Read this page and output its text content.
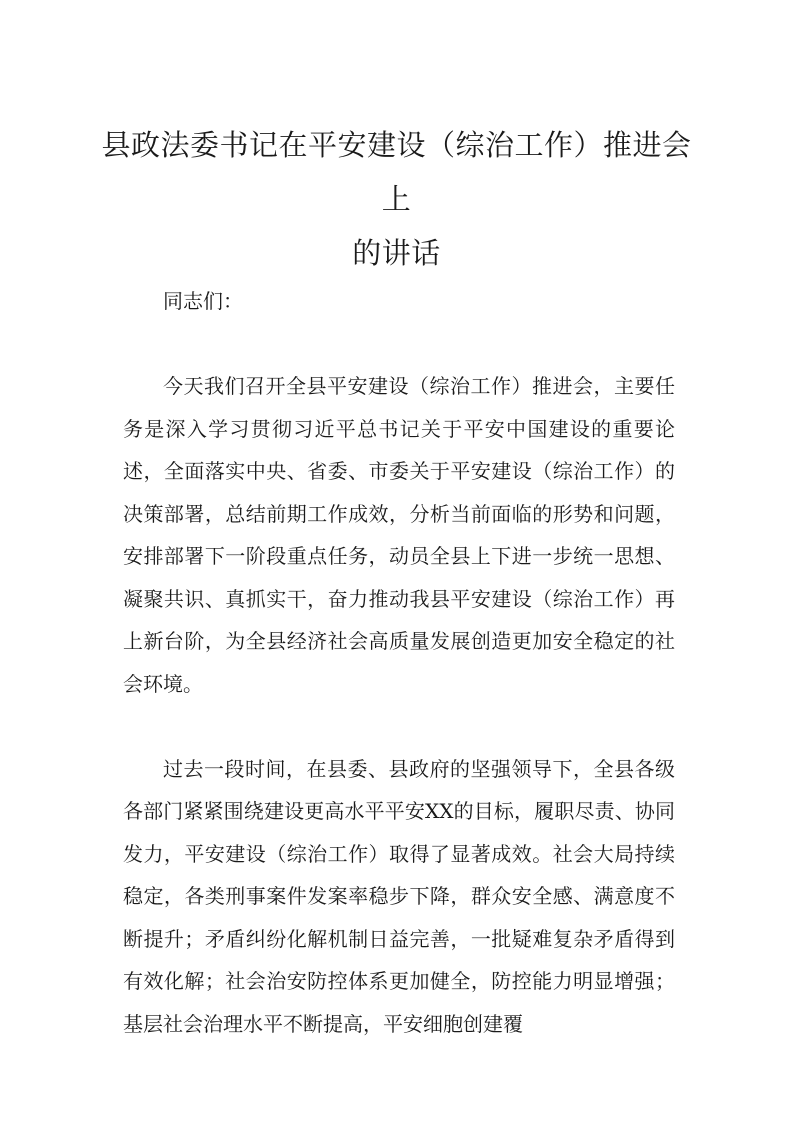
县政法委书记在平安建设（综治工作）推进会上
的讲话

同志们：

今天我们召开全县平安建设（综治工作）推进会，主要任务是深入学习贯彻习近平总书记关于平安中国建设的重要论述，全面落实中央、省委、市委关于平安建设（综治工作）的决策部署，总结前期工作成效，分析当前面临的形势和问题，安排部署下一阶段重点任务，动员全县上下进一步统一思想、凝聚共识、真抓实干，奋力推动我县平安建设（综治工作）再上新台阶，为全县经济社会高质量发展创造更加安全稳定的社会环境。

过去一段时间，在县委、县政府的坚强领导下，全县各级各部门紧紧围绕建设更高水平平安XX的目标，履职尽责、协同发力，平安建设（综治工作）取得了显著成效。社会大局持续稳定，各类刑事案件发案率稳步下降，群众安全感、满意度不断提升；矛盾纠纷化解机制日益完善，一批疑难复杂矛盾得到有效化解；社会治安防控体系更加健全，防控能力明显增强；基层社会治理水平不断提高，平安细胞创建覆
